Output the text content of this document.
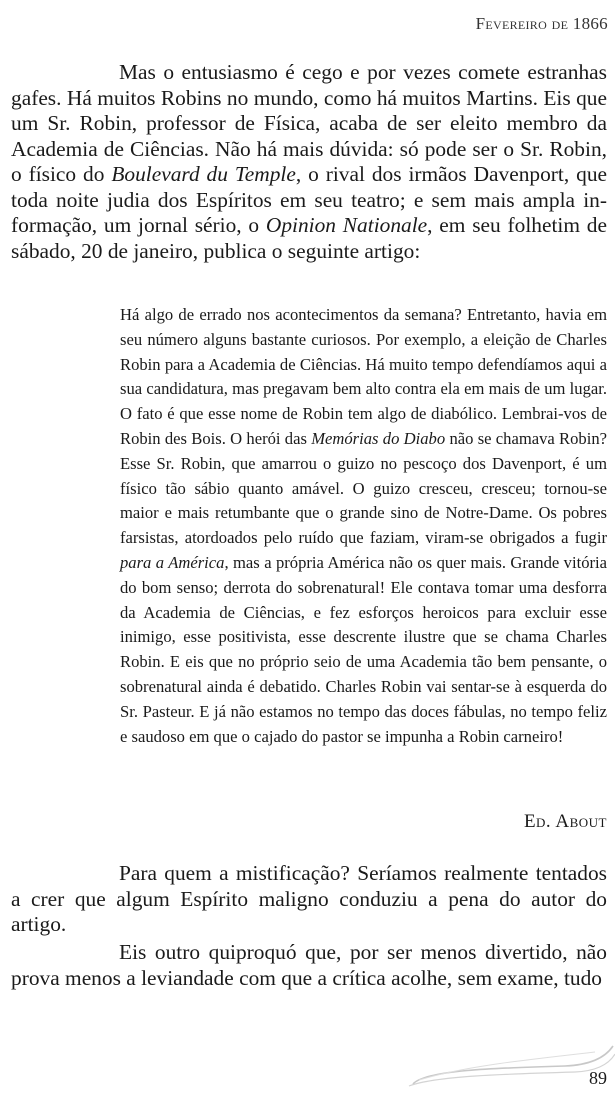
Fevereiro de 1866

Mas o entusiasmo é cego e por vezes comete estranhas gafes. Há muitos Robins no mundo, como há muitos Martins. Eis que um Sr. Robin, professor de Física, acaba de ser eleito membro da Academia de Ciências. Não há mais dúvida: só pode ser o Sr. Robin, o físico do Boulevard du Temple, o rival dos irmãos Davenport, que toda noite judia dos Espíritos em seu teatro; e sem mais ampla informação, um jornal sério, o Opinion Nationale, em seu folhetim de sábado, 20 de janeiro, publica o seguinte artigo:

Há algo de errado nos acontecimentos da semana? Entretanto, havia em seu número alguns bastante curiosos. Por exemplo, a eleição de Charles Robin para a Academia de Ciências. Há muito tempo defendíamos aqui a sua candidatura, mas pregavam bem alto contra ela em mais de um lugar. O fato é que esse nome de Robin tem algo de diabólico. Lembrai-vos de Robin des Bois. O herói das Memórias do Diabo não se chamava Robin? Esse Sr. Robin, que amarrou o guizo no pescoço dos Davenport, é um físico tão sábio quanto amável. O guizo cresceu, cresceu; tornou-se maior e mais retumbante que o grande sino de Notre-Dame. Os pobres farsistas, atordoados pelo ruído que faziam, viram-se obrigados a fugir para a América, mas a própria América não os quer mais. Grande vitória do bom senso; derrota do sobrenatural! Ele contava tomar uma desforra da Academia de Ciências, e fez esforços heroicos para excluir esse inimigo, esse positivista, esse descrente ilustre que se chama Charles Robin. E eis que no próprio seio de uma Academia tão bem pensante, o sobrenatural ainda é debatido. Charles Robin vai sentar-se à esquerda do Sr. Pasteur. E já não estamos no tempo das doces fábulas, no tempo feliz e saudoso em que o cajado do pastor se impunha a Robin carneiro!

Ed. About

Para quem a mistificação? Seríamos realmente tentados a crer que algum Espírito maligno conduziu a pena do autor do artigo.

Eis outro quiproquó que, por ser menos divertido, não prova menos a leviandade com que a crítica acolhe, sem exame, tudo

89
